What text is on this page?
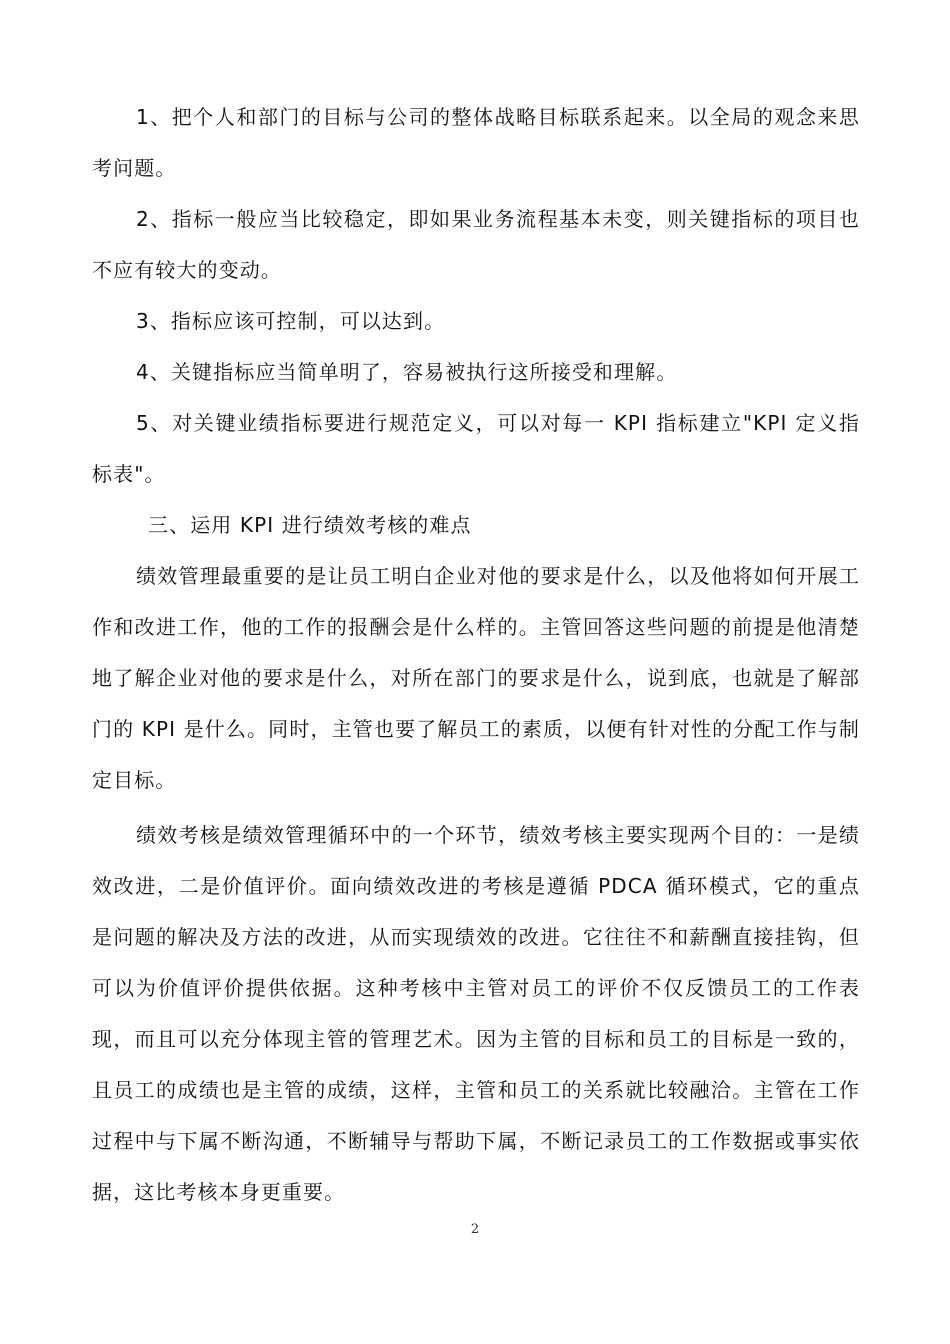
1、把个人和部门的目标与公司的整体战略目标联系起来。以全局的观念来思考问题。

2、指标一般应当比较稳定，即如果业务流程基本未变，则关键指标的项目也不应有较大的变动。

3、指标应该可控制，可以达到。

4、关键指标应当简单明了，容易被执行这所接受和理解。

5、对关键业绩指标要进行规范定义，可以对每一 KPI 指标建立"KPI 定义指标表"。

三、运用 KPI 进行绩效考核的难点

绩效管理最重要的是让员工明白企业对他的要求是什么，以及他将如何开展工作和改进工作，他的工作的报酬会是什么样的。主管回答这些问题的前提是他清楚地了解企业对他的要求是什么，对所在部门的要求是什么，说到底，也就是了解部门的 KPI 是什么。同时，主管也要了解员工的素质，以便有针对性的分配工作与制定目标。

绩效考核是绩效管理循环中的一个环节，绩效考核主要实现两个目的：一是绩效改进，二是价值评价。面向绩效改进的考核是遵循 PDCA 循环模式，它的重点是问题的解决及方法的改进，从而实现绩效的改进。它往往不和薪酬直接挂钩，但可以为价值评价提供依据。这种考核中主管对员工的评价不仅反馈员工的工作表现，而且可以充分体现主管的管理艺术。因为主管的目标和员工的目标是一致的，且员工的成绩也是主管的成绩，这样，主管和员工的关系就比较融洽。主管在工作过程中与下属不断沟通，不断辅导与帮助下属，不断记录员工的工作数据或事实依据，这比考核本身更重要。

2
